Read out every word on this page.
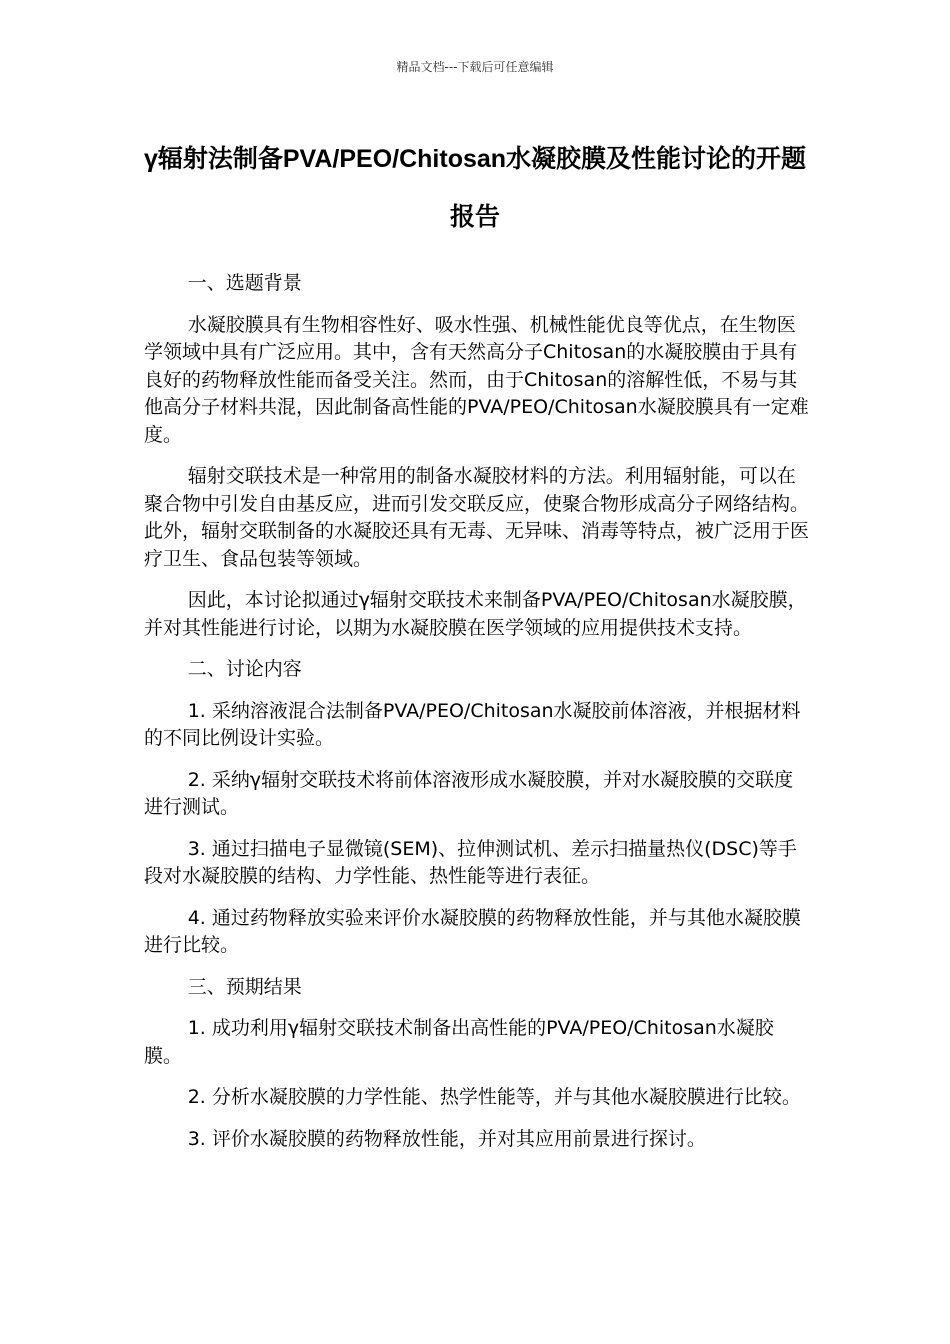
精品文档---下载后可任意编辑
γ辐射法制备PVA/PEO/Chitosan水凝胶膜及性能讨论的开题报告

一、选题背景

水凝胶膜具有生物相容性好、吸水性强、机械性能优良等优点，在生物医学领域中具有广泛应用。其中，含有天然高分子Chitosan的水凝胶膜由于具有良好的药物释放性能而备受关注。然而，由于Chitosan的溶解性低，不易与其他高分子材料共混，因此制备高性能的PVA/PEO/Chitosan水凝胶膜具有一定难度。

辐射交联技术是一种常用的制备水凝胶材料的方法。利用辐射能，可以在聚合物中引发自由基反应，进而引发交联反应，使聚合物形成高分子网络结构。此外，辐射交联制备的水凝胶还具有无毒、无异味、消毒等特点，被广泛用于医疗卫生、食品包装等领域。

因此，本讨论拟通过γ辐射交联技术来制备PVA/PEO/Chitosan水凝胶膜，并对其性能进行讨论，以期为水凝胶膜在医学领域的应用提供技术支持。

二、讨论内容

1. 采纳溶液混合法制备PVA/PEO/Chitosan水凝胶前体溶液，并根据材料的不同比例设计实验。

2. 采纳γ辐射交联技术将前体溶液形成水凝胶膜，并对水凝胶膜的交联度进行测试。

3. 通过扫描电子显微镜(SEM)、拉伸测试机、差示扫描量热仪(DSC)等手段对水凝胶膜的结构、力学性能、热性能等进行表征。

4. 通过药物释放实验来评价水凝胶膜的药物释放性能，并与其他水凝胶膜进行比较。

三、预期结果

1. 成功利用γ辐射交联技术制备出高性能的PVA/PEO/Chitosan水凝胶膜。

2. 分析水凝胶膜的力学性能、热学性能等，并与其他水凝胶膜进行比较。

3. 评价水凝胶膜的药物释放性能，并对其应用前景进行探讨。
